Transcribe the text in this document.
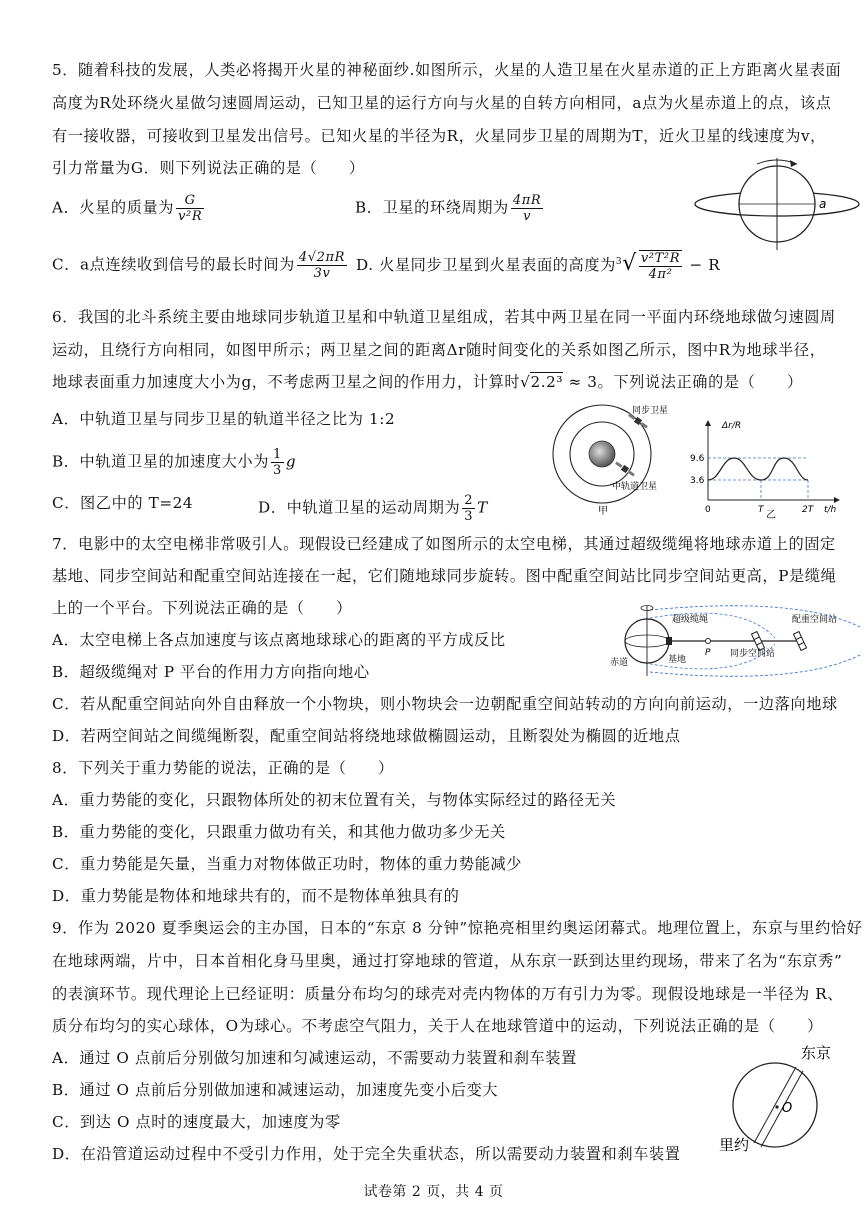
5．随着科技的发展，人类必将揭开火星的神秘面纱.如图所示，火星的人造卫星在火星赤道的正上方距离火星表面
高度为R处环绕火星做匀速圆周运动，已知卫星的运行方向与火星的自转方向相同，a点为火星赤道上的点，该点
有一接收器，可接收到卫星发出信号。已知火星的半径为R，火星同步卫星的周期为T，近火卫星的线速度为v，
引力常量为G．则下列说法正确的是（　　）
A．火星的质量为 $\frac{G}{\text{v²R}}$	B．卫星的环绕周期为 $\frac{4\pi R}{v}$
C．a点连续收到信号的最长时间为 $\frac{4√2\pi R}{3v} D$. 火星同步卫星到火星表面的高度为$^3√ \frac{\text{v²T²R}}{\text{4π²}} - R$
a
6．我国的北斗系统主要由地球同步轨道卫星和中轨道卫星组成，若其中两卫星在同一平面内环绕地球做匀速圆周
运动，且绕行方向相同，如图甲所示；两卫星之间的距离Δr随时间变化的关系如图乙所示，图中R为地球半径，
地球表面重力加速度大小为g，不考虑两卫星之间的作用力，计算时√2.2³ ≈ 3。下列说法正确的是（　　）
A．中轨道卫星与同步卫星的轨道半径之比为 1:2
B．中轨道卫星的加速度大小为 $\frac{1}{3}$ g
C．图乙中的 T=24	D．中轨道卫星的运动周期为 $\frac{2}{3}$ T
同步卫星
中轨道卫星
甲
Δr/R
9.6
3.6
0	T	2T t/h
乙
7．电影中的太空电梯非常吸引人。现假设已经建成了如图所示的太空电梯，其通过超级缆绳将地球赤道上的固定
基地、同步空间站和配重空间站连接在一起，它们随地球同步旋转。图中配重空间站比同步空间站更高，P是缆绳
上的一个平台。下列说法正确的是（　　）
A．太空电梯上各点加速度与该点离地球球心的距离的平方成反比
B．超级缆绳对 P 平台的作用力方向指向地心
C．若从配重空间站向外自由释放一个小物块，则小物块会一边朝配重空间站转动的方向向前运动，一边落向地球
D．若两空间站之间缆绳断裂，配重空间站将绕地球做椭圆运动，且断裂处为椭圆的近地点
超级缆绳	配重空间站
同步空间站
赤道	基地
P
8．下列关于重力势能的说法，正确的是（　　）
A．重力势能的变化，只跟物体所处的初末位置有关，与物体实际经过的路径无关
B．重力势能的变化，只跟重力做功有关，和其他力做功多少无关
C．重力势能是矢量，当重力对物体做正功时，物体的重力势能减少
D．重力势能是物体和地球共有的，而不是物体单独具有的
9．作为 2020 夏季奥运会的主办国，日本的“东京 8 分钟”惊艳亮相里约奥运闭幕式。地理位置上，东京与里约恰好
在地球两端，片中，日本首相化身马里奥，通过打穿地球的管道，从东京一跃到达里约现场，带来了名为“东京秀”
的表演环节。现代理论上已经证明：质量分布均匀的球壳对壳内物体的万有引力为零。现假设地球是一半径为 R、
质分布均匀的实心球体，O为球心。不考虑空气阻力，关于人在地球管道中的运动，下列说法正确的是（　　）
A．通过 O 点前后分别做匀加速和匀减速运动，不需要动力装置和刹车装置
B．通过 O 点前后分别做加速和减速运动，加速度先变小后变大
C．到达 O 点时的速度最大，加速度为零
D．在沿管道运动过程中不受引力作用，处于完全失重状态，所以需要动力装置和刹车装置
O
东京
里约
试卷第 2 页，共 4 页
